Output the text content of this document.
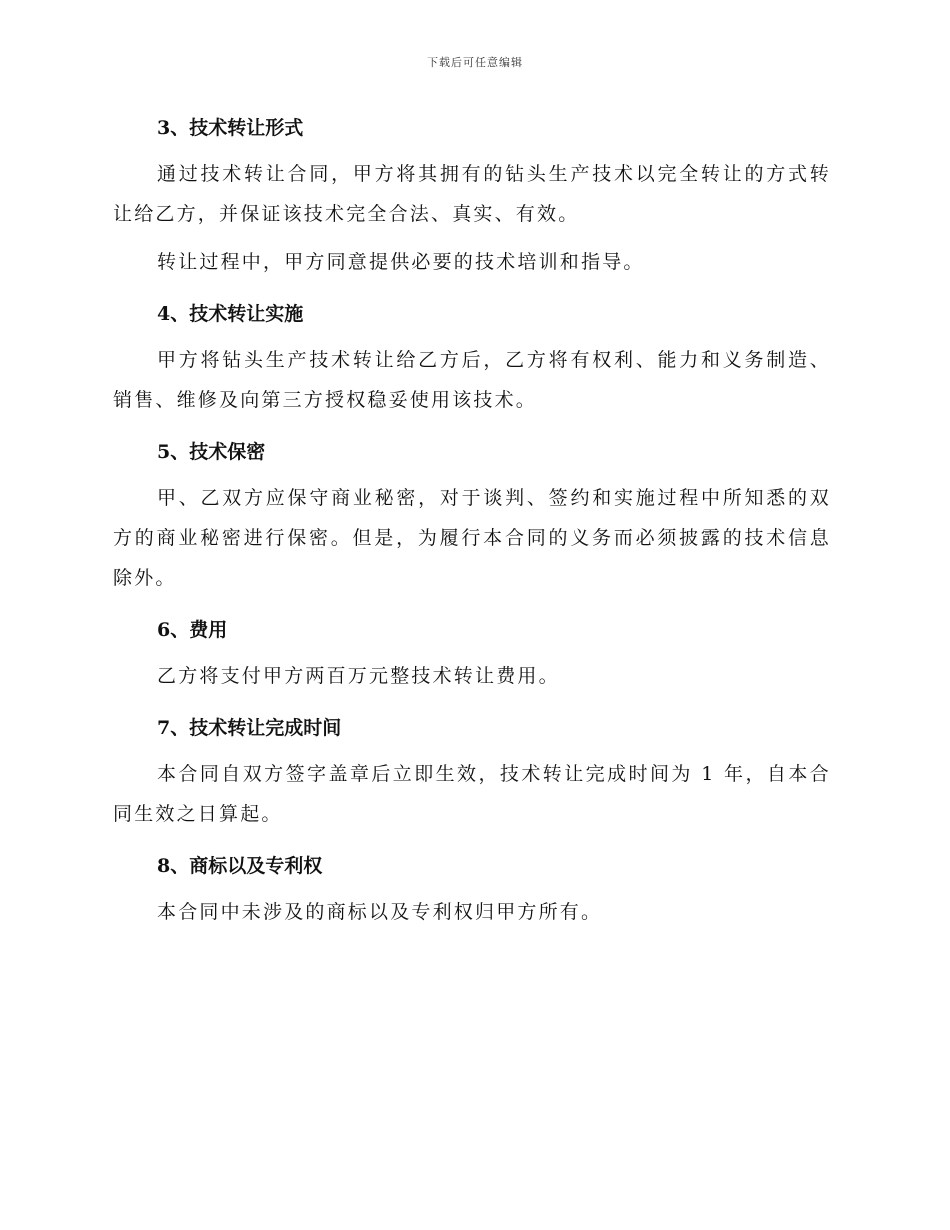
下载后可任意编辑
3、技术转让形式

通过技术转让合同，甲方将其拥有的钻头生产技术以完全转让的方式转让给乙方，并保证该技术完全合法、真实、有效。

转让过程中，甲方同意提供必要的技术培训和指导。

4、技术转让实施

甲方将钻头生产技术转让给乙方后，乙方将有权利、能力和义务制造、销售、维修及向第三方授权稳妥使用该技术。

5、技术保密

甲、乙双方应保守商业秘密，对于谈判、签约和实施过程中所知悉的双方的商业秘密进行保密。但是，为履行本合同的义务而必须披露的技术信息除外。

6、费用

乙方将支付甲方两百万元整技术转让费用。

7、技术转让完成时间

本合同自双方签字盖章后立即生效，技术转让完成时间为 1 年，自本合同生效之日算起。

8、商标以及专利权

本合同中未涉及的商标以及专利权归甲方所有。
